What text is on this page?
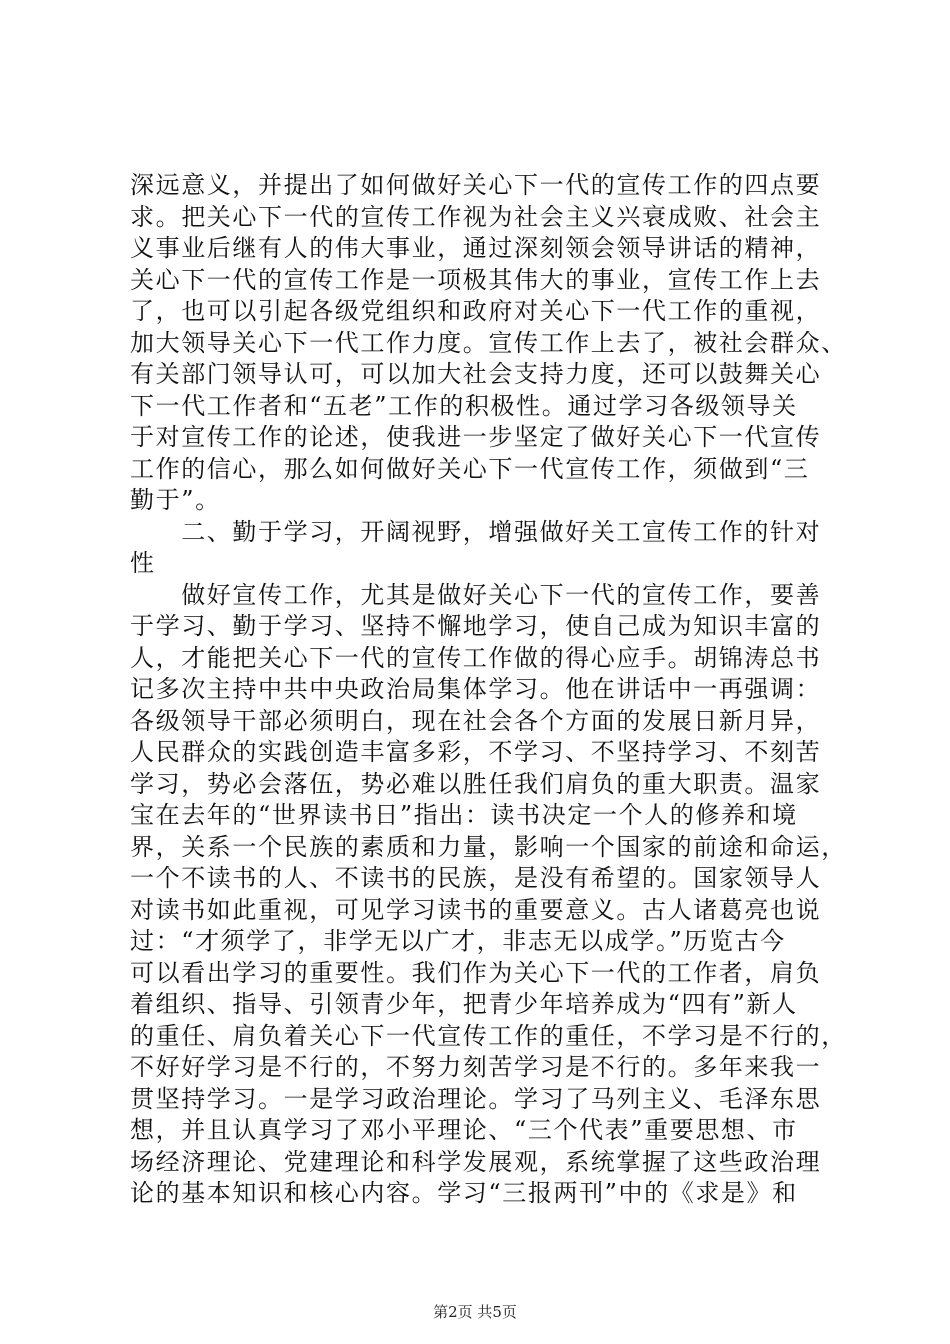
深远意义，并提出了如何做好关心下一代的宣传工作的四点要
求。把关心下一代的宣传工作视为社会主义兴衰成败、社会主
义事业后继有人的伟大事业，通过深刻领会领导讲话的精神，
关心下一代的宣传工作是一项极其伟大的事业，宣传工作上去
了，也可以引起各级党组织和政府对关心下一代工作的重视，
加大领导关心下一代工作力度。宣传工作上去了，被社会群众、
有关部门领导认可，可以加大社会支持力度，还可以鼓舞关心
下一代工作者和“五老”工作的积极性。通过学习各级领导关
于对宣传工作的论述，使我进一步坚定了做好关心下一代宣传
工作的信心，那么如何做好关心下一代宣传工作，须做到“三
勤于”。
　　二、勤于学习，开阔视野，增强做好关工宣传工作的针对
性
　　做好宣传工作，尤其是做好关心下一代的宣传工作，要善
于学习、勤于学习、坚持不懈地学习，使自己成为知识丰富的
人，才能把关心下一代的宣传工作做的得心应手。胡锦涛总书
记多次主持中共中央政治局集体学习。他在讲话中一再强调：
各级领导干部必须明白，现在社会各个方面的发展日新月异，
人民群众的实践创造丰富多彩，不学习、不坚持学习、不刻苦
学习，势必会落伍，势必难以胜任我们肩负的重大职责。温家
宝在去年的“世界读书日”指出：读书决定一个人的修养和境
界，关系一个民族的素质和力量，影响一个国家的前途和命运，
一个不读书的人、不读书的民族，是没有希望的。国家领导人
对读书如此重视，可见学习读书的重要意义。古人诸葛亮也说
过：“才须学了，非学无以广才，非志无以成学。”历览古今
可以看出学习的重要性。我们作为关心下一代的工作者，肩负
着组织、指导、引领青少年，把青少年培养成为“四有”新人
的重任、肩负着关心下一代宣传工作的重任，不学习是不行的，
不好好学习是不行的，不努力刻苦学习是不行的。多年来我一
贯坚持学习。一是学习政治理论。学习了马列主义、毛泽东思
想，并且认真学习了邓小平理论、“三个代表”重要思想、市
场经济理论、党建理论和科学发展观，系统掌握了这些政治理
论的基本知识和核心内容。学习“三报两刊”中的《求是》和
第2页 共5页
